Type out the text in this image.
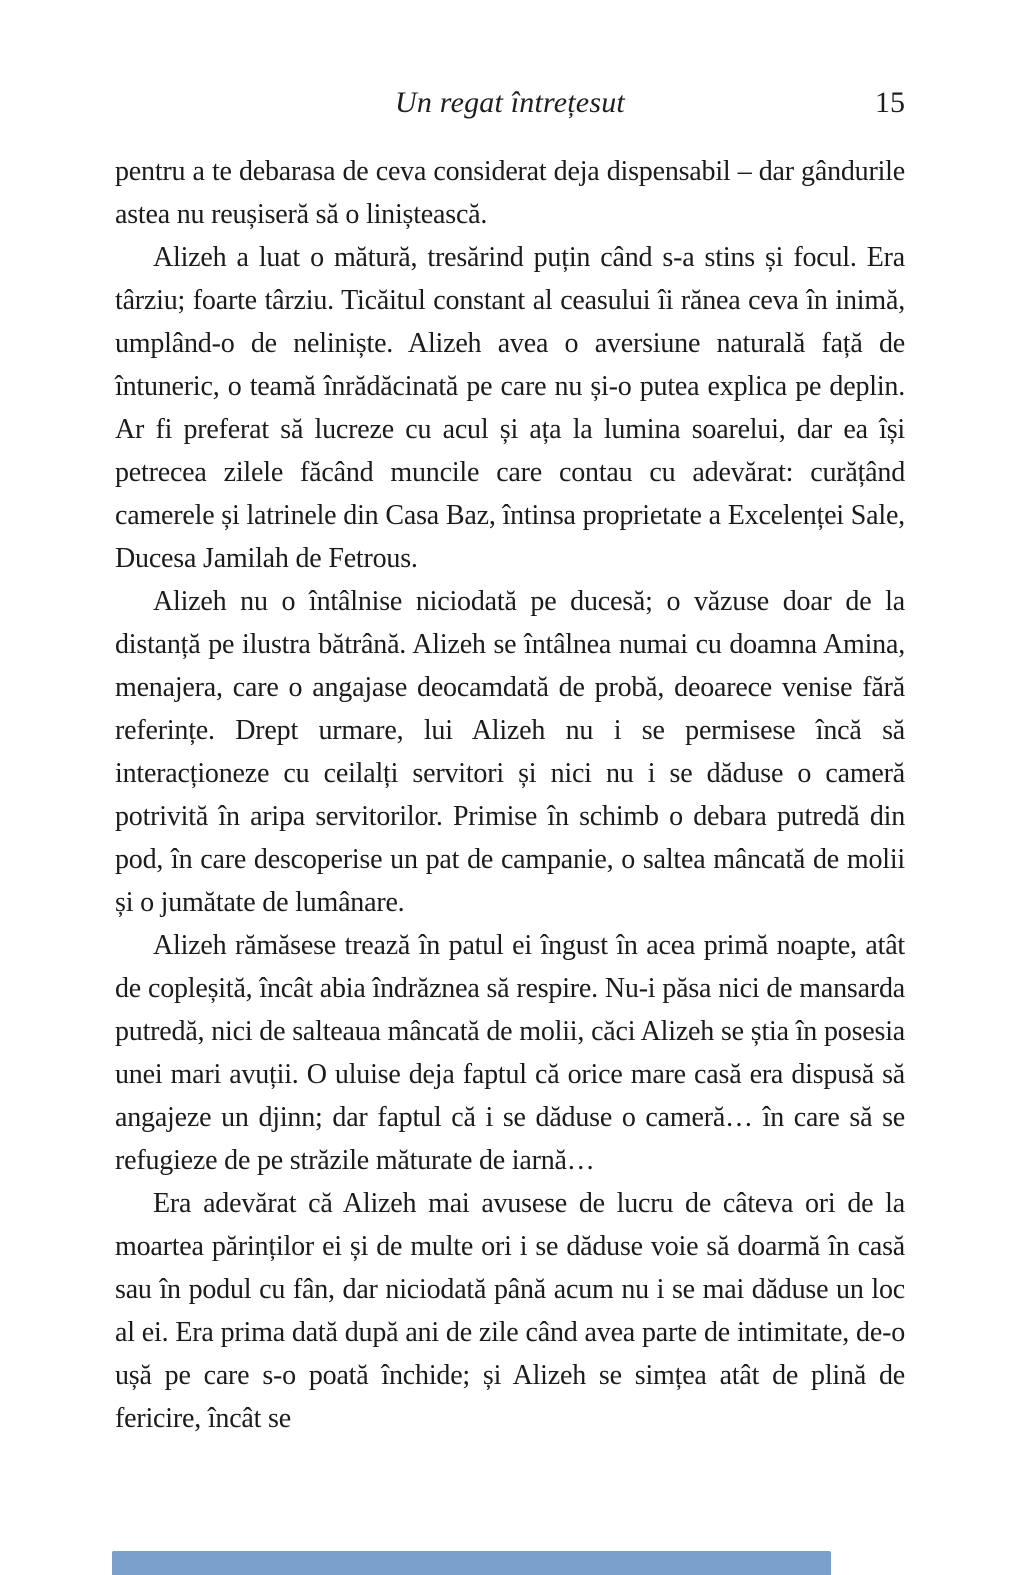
Un regat întrețesut	15

pentru a te debarasa de ceva considerat deja dispensabil – dar gândurile astea nu reușiseră să o liniștească.

Alizeh a luat o mătură, tresărind puțin când s-a stins și focul. Era târziu; foarte târziu. Ticăitul constant al ceasului îi rănea ceva în inimă, umplând-o de neliniște. Alizeh avea o aversiune naturală față de întuneric, o teamă înrădăcinată pe care nu și-o putea explica pe deplin. Ar fi preferat să lucreze cu acul și ața la lumina soarelui, dar ea își petrecea zilele făcând muncile care contau cu adevărat: curățând camerele și latrinele din Casa Baz, întinsa proprietate a Excelenței Sale, Ducesa Jamilah de Fetrous.

Alizeh nu o întâlnise niciodată pe ducesă; o văzuse doar de la distanță pe ilustra bătrână. Alizeh se întâlnea numai cu doamna Amina, menajera, care o angajase deocamdată de probă, deoarece venise fără referințe. Drept urmare, lui Alizeh nu i se permisese încă să interacționeze cu ceilalți servitori și nici nu i se dăduse o cameră potrivită în aripa servitorilor. Primise în schimb o debara putredă din pod, în care descoperise un pat de campanie, o saltea mâncată de molii și o jumătate de lumânare.

Alizeh rămăsese trează în patul ei îngust în acea primă noapte, atât de copleșită, încât abia îndrăznea să respire. Nu-i păsa nici de mansarda putredă, nici de salteaua mâncată de molii, căci Alizeh se știa în posesia unei mari avuții. O uluise deja faptul că orice mare casă era dispusă să angajeze un djinn; dar faptul că i se dăduse o cameră… în care să se refugieze de pe străzile măturate de iarnă…

Era adevărat că Alizeh mai avusese de lucru de câteva ori de la moartea părinților ei și de multe ori i se dăduse voie să doarmă în casă sau în podul cu fân, dar niciodată până acum nu i se mai dăduse un loc al ei. Era prima dată după ani de zile când avea parte de intimitate, de-o ușă pe care s-o poată închide; și Alizeh se simțea atât de plină de fericire, încât se
